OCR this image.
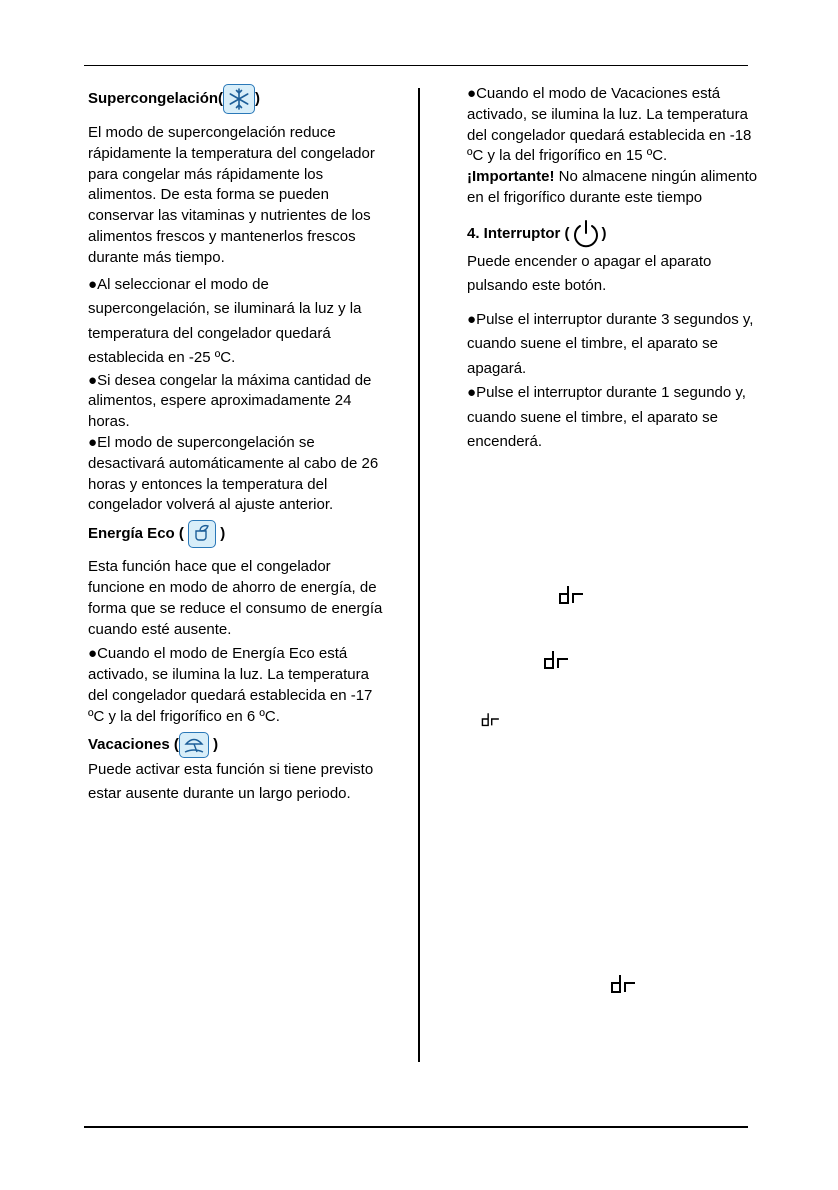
Supercongelación( )

El modo de supercongelación reduce rápidamente la temperatura del congelador para congelar más rápidamente los alimentos. De esta forma se pueden conservar las vitaminas y nutrientes de los alimentos frescos y mantenerlos frescos durante más tiempo.

●Al seleccionar el modo de supercongelación, se iluminará la luz y la temperatura del congelador quedará establecida en -25 ºC.

●Si desea congelar la máxima cantidad de alimentos, espere aproximadamente 24 horas.

●El modo de supercongelación se desactivará automáticamente al cabo de 26 horas y entonces la temperatura del congelador volverá al ajuste anterior.

Energía Eco (

)

Esta función hace que el congelador funcione en modo de ahorro de energía, de forma que se reduce el consumo de energía cuando esté ausente.

●Cuando el modo de Energía Eco está activado, se ilumina la luz. La temperatura del congelador quedará establecida en -17 ºC y la del frigorífico en 6 ºC.

Vacaciones (
)

Puede activar esta función si tiene previsto estar ausente durante un largo periodo.

●Cuando el modo de Vacaciones está activado, se ilumina la luz. La temperatura del congelador quedará establecida en -18 ºC y la del frigorífico en 15 ºC.

¡Importante! No almacene ningún alimento en el frigorífico durante este tiempo

4. Interruptor ( )

Puede encender o apagar el aparato pulsando este botón.

●Pulse el interruptor durante 3 segundos y, cuando suene el timbre, el aparato se apagará.

●Pulse el interruptor durante 1 segundo y, cuando suene el timbre, el aparato se encenderá.
